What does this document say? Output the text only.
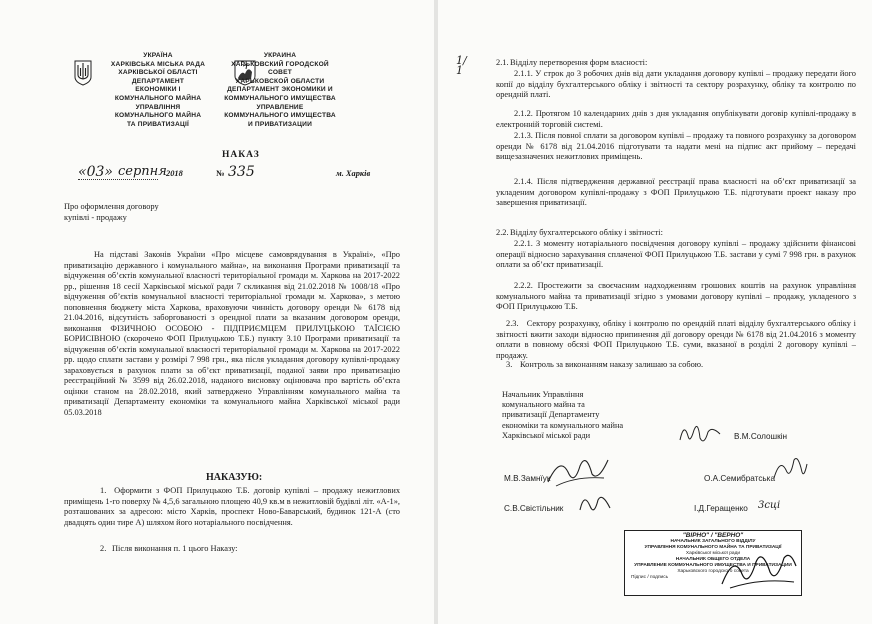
УКРАЇНА
ХАРКІВСЬКА МІСЬКА РАДА
ХАРКІВСЬКОЇ ОБЛАСТІ
ДЕПАРТАМЕНТ
ЕКОНОМІКИ І
КОМУНАЛЬНОГО МАЙНА
УПРАВЛІННЯ
КОМУНАЛЬНОГО МАЙНА
ТА ПРИВАТИЗАЦІЇ
УКРАИНА
ХАРЬКОВСКИЙ ГОРОДСКОЙ
СОВЕТ
ХАРЬКОВСКОЙ ОБЛАСТИ
ДЕПАРТАМЕНТ ЭКОНОМИКИ И
КОММУНАЛЬНОГО ИМУЩЕСТВА
УПРАВЛЕНИЕ
КОММУНАЛЬНОГО ИМУЩЕСТВА
И ПРИВАТИЗАЦИИ
НАКАЗ
«03» серпня 2018	№ 335	м. Харків
Про оформлення договору
купівлі - продажу
На підставі Законів України «Про місцеве самоврядування в Україні», «Про приватизацію державного і комунального майна», на виконання Програми приватизації та відчуження об’єктів комунальної власності територіальної громади м. Харкова на 2017-2022 рр., рішення 18 сесії Харківської міської ради 7 скликання від 21.02.2018 № 1008/18 «Про відчуження об’єктів комунальної власності територіальної громади м. Харкова», з метою поповнення бюджету міста Харкова, враховуючи чинність договору оренди № 6178 від 21.04.2016, відсутність заборгованості з орендної плати за вказаним договором оренди, виконання ФІЗИЧНОЮ ОСОБОЮ - ПІДПРИЄМЦЕМ ПРИЛУЦЬКОЮ ТАЇСІЄЮ БОРИСІВНОЮ (скорочено ФОП Прилуцькою Т.Б.) пункту 3.10 Програми приватизації та відчуження об’єктів комунальної власності територіальної громади м. Харкова на 2017-2022 рр. щодо сплати застави у розмірі 7 998 грн., яка після укладання договору купівлі-продажу зараховується в рахунок плати за об’єкт приватизації, поданої заяви про приватизацію реєстраційний № 3599 від 26.02.2018, наданого висновку оцінювача про вартість об’єкта оцінки станом на 28.02.2018, який затверджено Управлінням комунального майна та приватизації Департаменту економіки та комунального майна Харківської міської ради 05.03.2018
НАКАЗУЮ:
1.	Оформити з ФОП Прилуцькою Т.Б. договір купівлі – продажу нежитлових приміщень 1-го поверху № 4,5,6 загальною площею 40,9 кв.м в нежитловій будівлі літ. «А-1», розташованих за адресою: місто Харків, проспект Ново-Баварський, будинок 121-А (сто двадцять один тире А) шляхом його нотаріального посвідчення.
2.	Після виконання п. 1 цього Наказу:
1/
1
2.1.	Відділу перетворення форм власності:
2.1.1. У строк до 3 робочих днів від дати укладання договору купівлі – продажу передати його копії до відділу бухгалтерського обліку і звітності та сектору розрахунку, обліку та контролю по орендній платі.
2.1.2. Протягом 10 календарних днів з дня укладання опублікувати договір купівлі-продажу в електронній торговій системі.
2.1.3. Після повної сплати за договором купівлі – продажу та повного розрахунку за договором оренди № 6178 від 21.04.2016 підготувати та надати мені на підпис акт прийому – передачі вищезазначених нежитлових приміщень.
2.1.4. Після підтвердження державної реєстрації права власності на об’єкт приватизації за укладеним договором купівлі-продажу з ФОП Прилуцькою Т.Б. підготувати проект наказу про завершення приватизації.
2.2.	Відділу бухгалтерського обліку і звітності:
2.2.1. З моменту нотаріального посвідчення договору купівлі – продажу здійснити фінансові операції відносно зарахування сплаченої ФОП Прилуцькою Т.Б. застави у сумі 7 998 грн. в рахунок оплати за об’єкт приватизації.
2.2.2. Простежити за своєчасним надходженням грошових коштів на рахунок управління комунального майна та приватизації згідно з умовами договору купівлі – продажу, укладеного з ФОП Прилуцькою Т.Б.
2.3.	Сектору розрахунку, обліку і контролю по орендній платі відділу бухгалтерського обліку і звітності вжити заходи відносно припинення дії договору оренди № 6178 від 21.04.2016 з моменту оплати в повному обсязі ФОП Прилуцькою Т.Б. суми, вказаної в розділі 2 договору купівлі – продажу.
3.	Контроль за виконанням наказу залишаю за собою.
Начальник Управління
комунального майна та
приватизації Департаменту
економіки та комунального майна
Харківської міської ради	В.М.Солошкін
М.В.Замнїук	О.А.Семибратська
С.В.Свістільник	І.Д.Геращенко 3сці
"ВІРНО" / "ВЕРНО"
НАЧАЛЬНИК ЗАГАЛЬНОГО ВІДДІЛУ
УПРАВЛІННЯ КОМУНАЛЬНОГО МАЙНА ТА ПРИВАТИЗАЦІЇ
Харківської міської ради
НАЧАЛЬНИК ОБЩЕГО ОТДЕЛА
УПРАВЛЕНИЕ КОММУНАЛЬНОГО ИМУЩЕСТВА И ПРИВАТИЗАЦИИ
Харьковского городского совета
Підпис / подпись
